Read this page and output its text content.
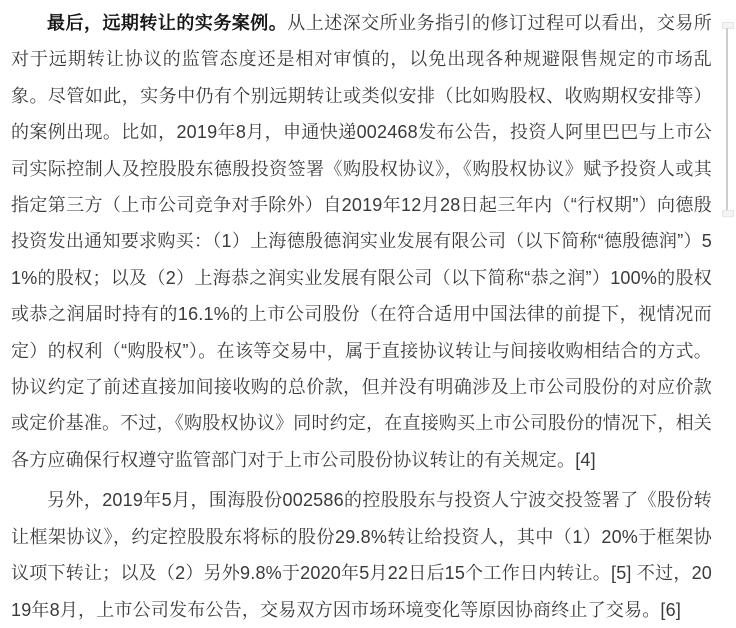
最后，远期转让的实务案例。从上述深交所业务指引的修订过程可以看出，交易所对于远期转让协议的监管态度还是相对审慎的，以免出现各种规避限售规定的市场乱象。尽管如此，实务中仍有个别远期转让或类似安排（比如购股权、收购期权安排等）的案例出现。比如，2019年8月，申通快递002468发布公告，投资人阿里巴巴与上市公司实际控制人及控股股东德殷投资签署《购股权协议》，《购股权协议》赋予投资人或其指定第三方（上市公司竞争对手除外）自2019年12月28日起三年内（“行权期”）向德殷投资发出通知要求购买：（1）上海德殷德润实业发展有限公司（以下简称“德殷德润”）51%的股权；以及（2）上海恭之润实业发展有限公司（以下简称“恭之润”）100%的股权或恭之润届时持有的16.1%的上市公司股份（在符合适用中国法律的前提下，视情况而定）的权利（“购股权”）。在该等交易中，属于直接协议转让与间接收购相结合的方式。协议约定了前述直接加间接收购的总价款，但并没有明确涉及上市公司股份的对应价款或定价基准。不过，《购股权协议》同时约定，在直接购买上市公司股份的情况下，相关各方应确保行权遵守监管部门对于上市公司股份协议转让的有关规定。[4]

另外，2019年5月，围海股份002586的控股股东与投资人宁波交投签署了《股份转让框架协议》，约定控股股东将标的股份29.8%转让给投资人，其中（1）20%于框架协议项下转让；以及（2）另外9.8%于2020年5月22日后15个工作日内转让。[5] 不过，2019年8月，上市公司发布公告，交易双方因市场环境变化等原因协商终止了交易。[6]
